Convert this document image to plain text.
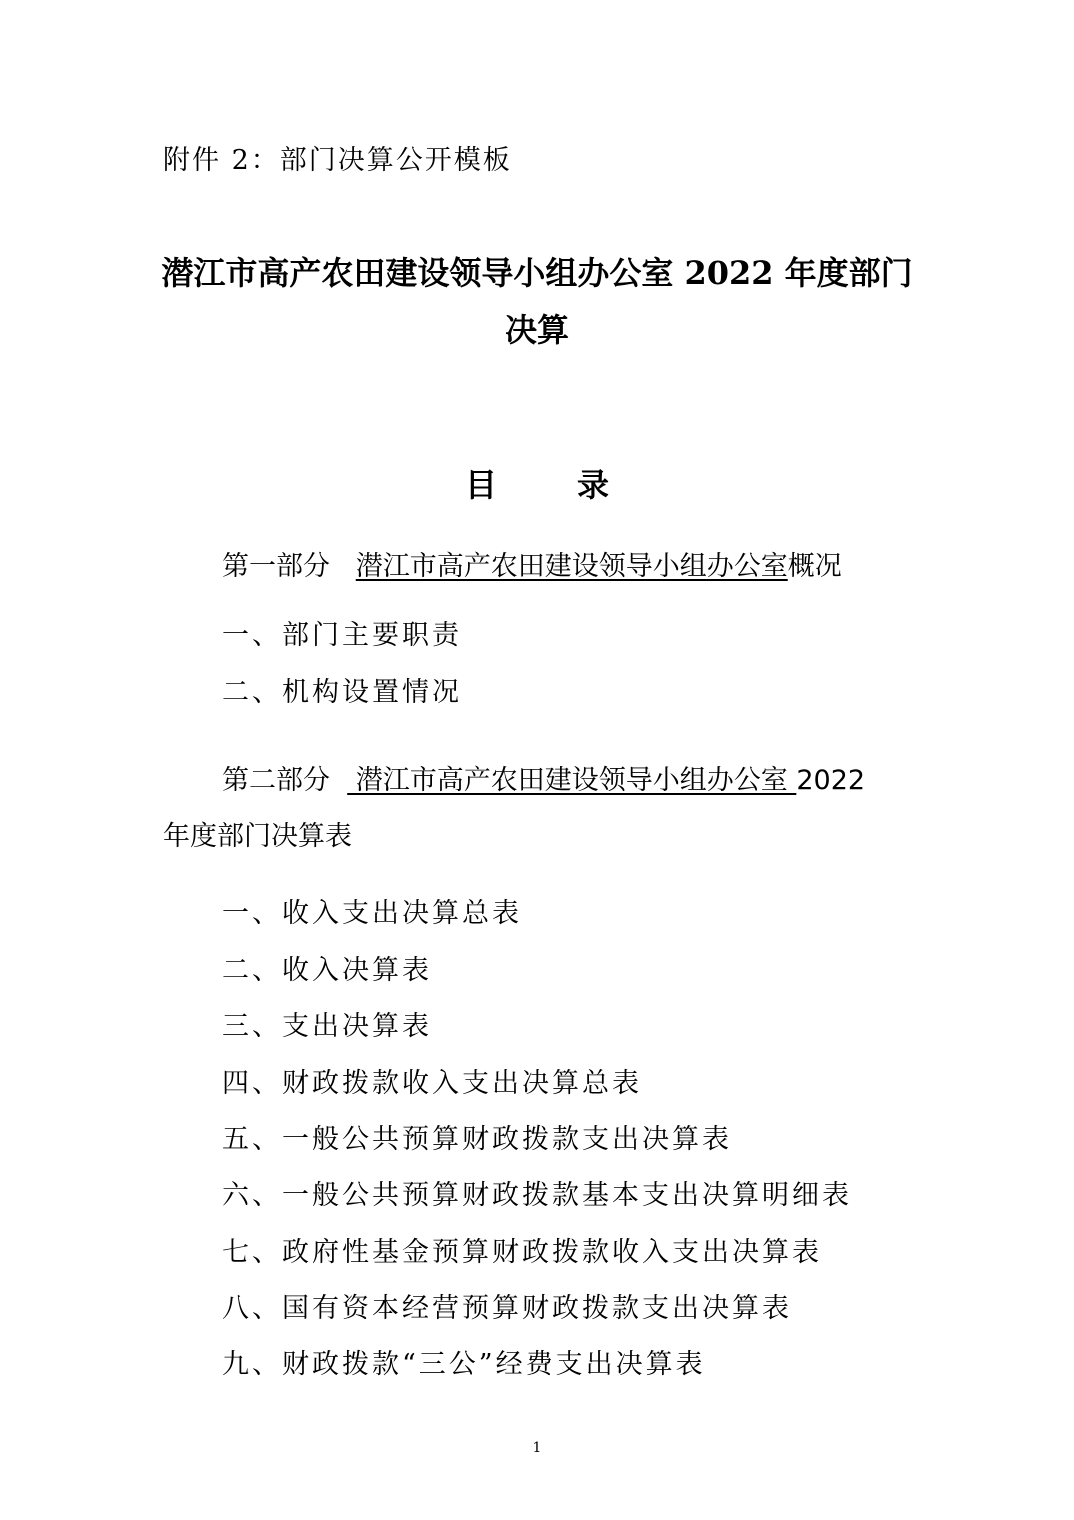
附件 2：部门决算公开模板
潜江市高产农田建设领导小组办公室 2022 年度部门
决算
目	录
第一部分 潜江市高产农田建设领导小组办公室概况
一、部门主要职责
二、机构设置情况
第二部分   潜江市高产农田建设领导小组办公室 2022
年度部门决算表
一、收入支出决算总表
二、收入决算表
三、支出决算表
四、财政拨款收入支出决算总表
五、一般公共预算财政拨款支出决算表
六、一般公共预算财政拨款基本支出决算明细表
七、政府性基金预算财政拨款收入支出决算表
八、国有资本经营预算财政拨款支出决算表
九、财政拨款“三公”经费支出决算表
1
